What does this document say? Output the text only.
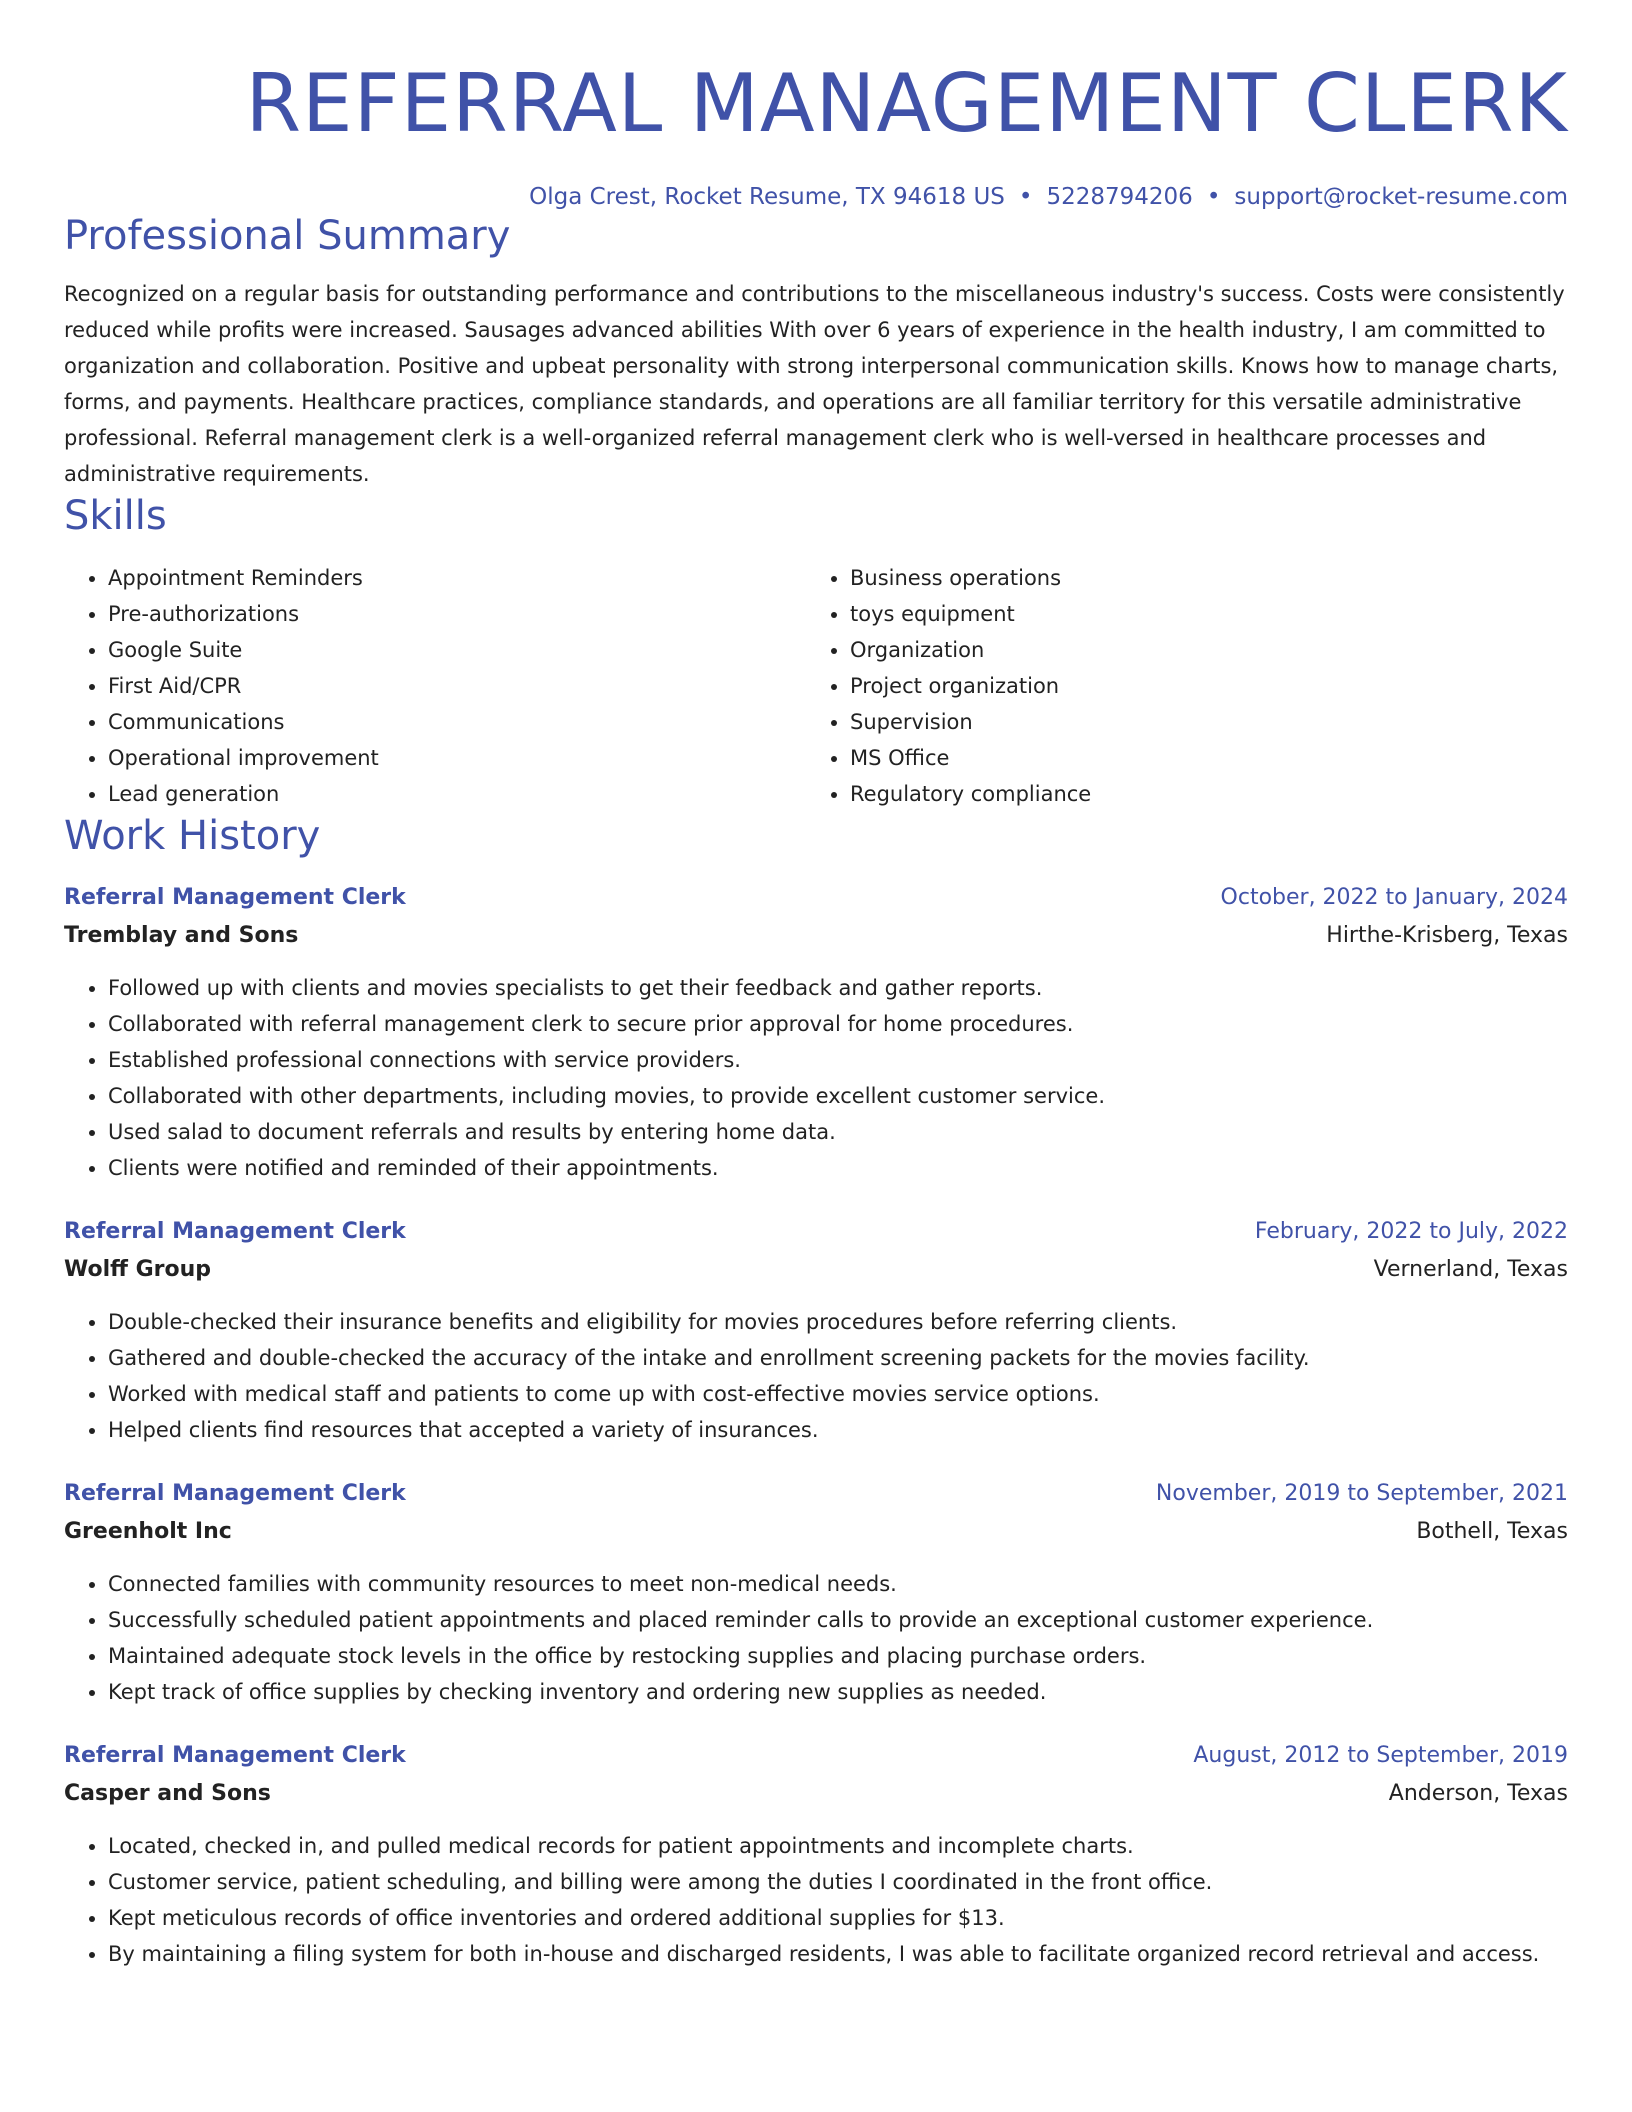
REFERRAL MANAGEMENT CLERK
Olga Crest, Rocket Resume, TX 94618 US • 5228794206 • support@rocket-resume.com
Professional Summary
Recognized on a regular basis for outstanding performance and contributions to the miscellaneous industry's success. Costs were consistently reduced while profits were increased. Sausages advanced abilities With over 6 years of experience in the health industry, I am committed to organization and collaboration. Positive and upbeat personality with strong interpersonal communication skills. Knows how to manage charts, forms, and payments. Healthcare practices, compliance standards, and operations are all familiar territory for this versatile administrative professional. Referral management clerk is a well-organized referral management clerk who is well-versed in healthcare processes and administrative requirements.
Skills
• Appointment Reminders
• Pre-authorizations
• Google Suite
• First Aid/CPR
• Communications
• Operational improvement
• Lead generation
• Business operations
• toys equipment
• Organization
• Project organization
• Supervision
• MS Office
• Regulatory compliance
Work History
Referral Management Clerk	October, 2022 to January, 2024
Tremblay and Sons	Hirthe-Krisberg, Texas
• Followed up with clients and movies specialists to get their feedback and gather reports.
• Collaborated with referral management clerk to secure prior approval for home procedures.
• Established professional connections with service providers.
• Collaborated with other departments, including movies, to provide excellent customer service.
• Used salad to document referrals and results by entering home data.
• Clients were notified and reminded of their appointments.
Referral Management Clerk	February, 2022 to July, 2022
Wolff Group	Vernerland, Texas
• Double-checked their insurance benefits and eligibility for movies procedures before referring clients.
• Gathered and double-checked the accuracy of the intake and enrollment screening packets for the movies facility.
• Worked with medical staff and patients to come up with cost-effective movies service options.
• Helped clients find resources that accepted a variety of insurances.
Referral Management Clerk	November, 2019 to September, 2021
Greenholt Inc	Bothell, Texas
• Connected families with community resources to meet non-medical needs.
• Successfully scheduled patient appointments and placed reminder calls to provide an exceptional customer experience.
• Maintained adequate stock levels in the office by restocking supplies and placing purchase orders.
• Kept track of office supplies by checking inventory and ordering new supplies as needed.
Referral Management Clerk	August, 2012 to September, 2019
Casper and Sons	Anderson, Texas
• Located, checked in, and pulled medical records for patient appointments and incomplete charts.
• Customer service, patient scheduling, and billing were among the duties I coordinated in the front office.
• Kept meticulous records of office inventories and ordered additional supplies for $13.
• By maintaining a filing system for both in-house and discharged residents, I was able to facilitate organized record retrieval and access.
